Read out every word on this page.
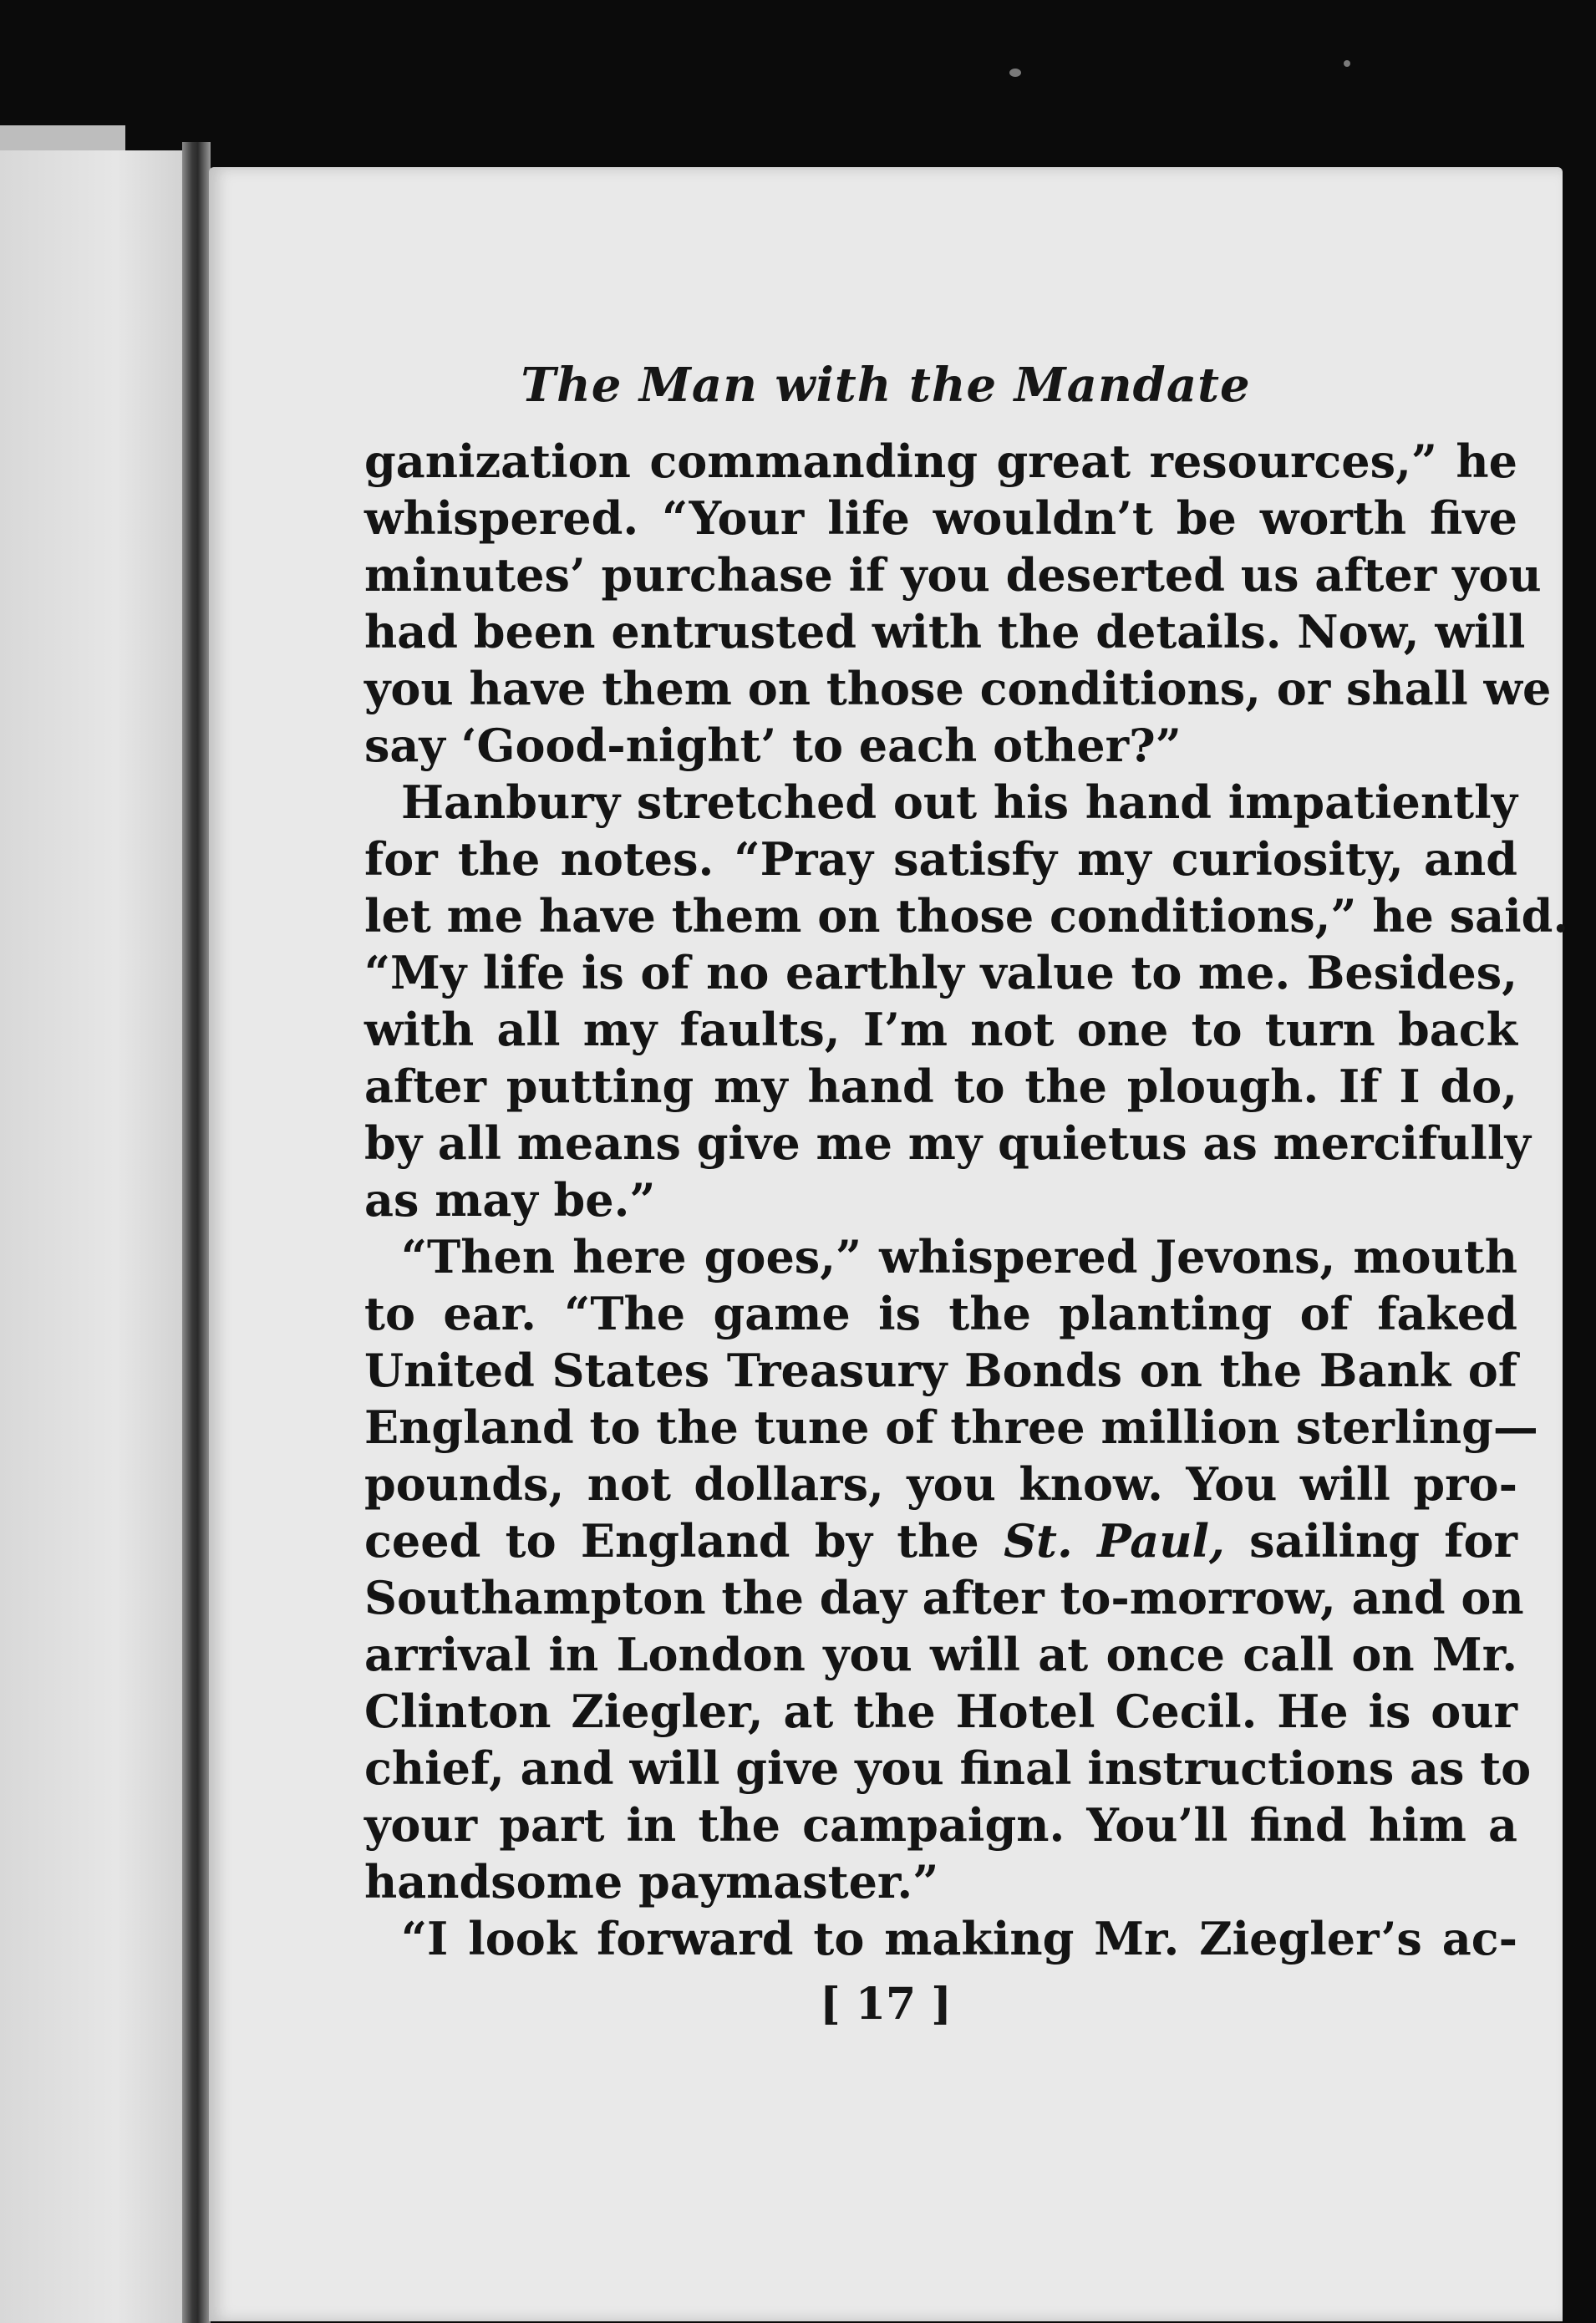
The Man with the Mandate
ganization commanding great resources,” he
whispered. “Your life wouldn’t be worth five
minutes’ purchase if you deserted us after you
had been entrusted with the details. Now, will
you have them on those conditions, or shall we
say ‘Good-night’ to each other?”
Hanbury stretched out his hand impatiently
for the notes. “Pray satisfy my curiosity, and
let me have them on those conditions,” he said.
“My life is of no earthly value to me. Besides,
with all my faults, I’m not one to turn back
after putting my hand to the plough. If I do,
by all means give me my quietus as mercifully
as may be.”
“Then here goes,” whispered Jevons, mouth
to ear. “The game is the planting of faked
United States Treasury Bonds on the Bank of
England to the tune of three million sterling—
pounds, not dollars, you know. You will pro-
ceed to England by the St. Paul, sailing for
Southampton the day after to-morrow, and on
arrival in London you will at once call on Mr.
Clinton Ziegler, at the Hotel Cecil. He is our
chief, and will give you final instructions as to
your part in the campaign. You’ll find him a
handsome paymaster.”
“I look forward to making Mr. Ziegler’s ac-
[ 17 ]
